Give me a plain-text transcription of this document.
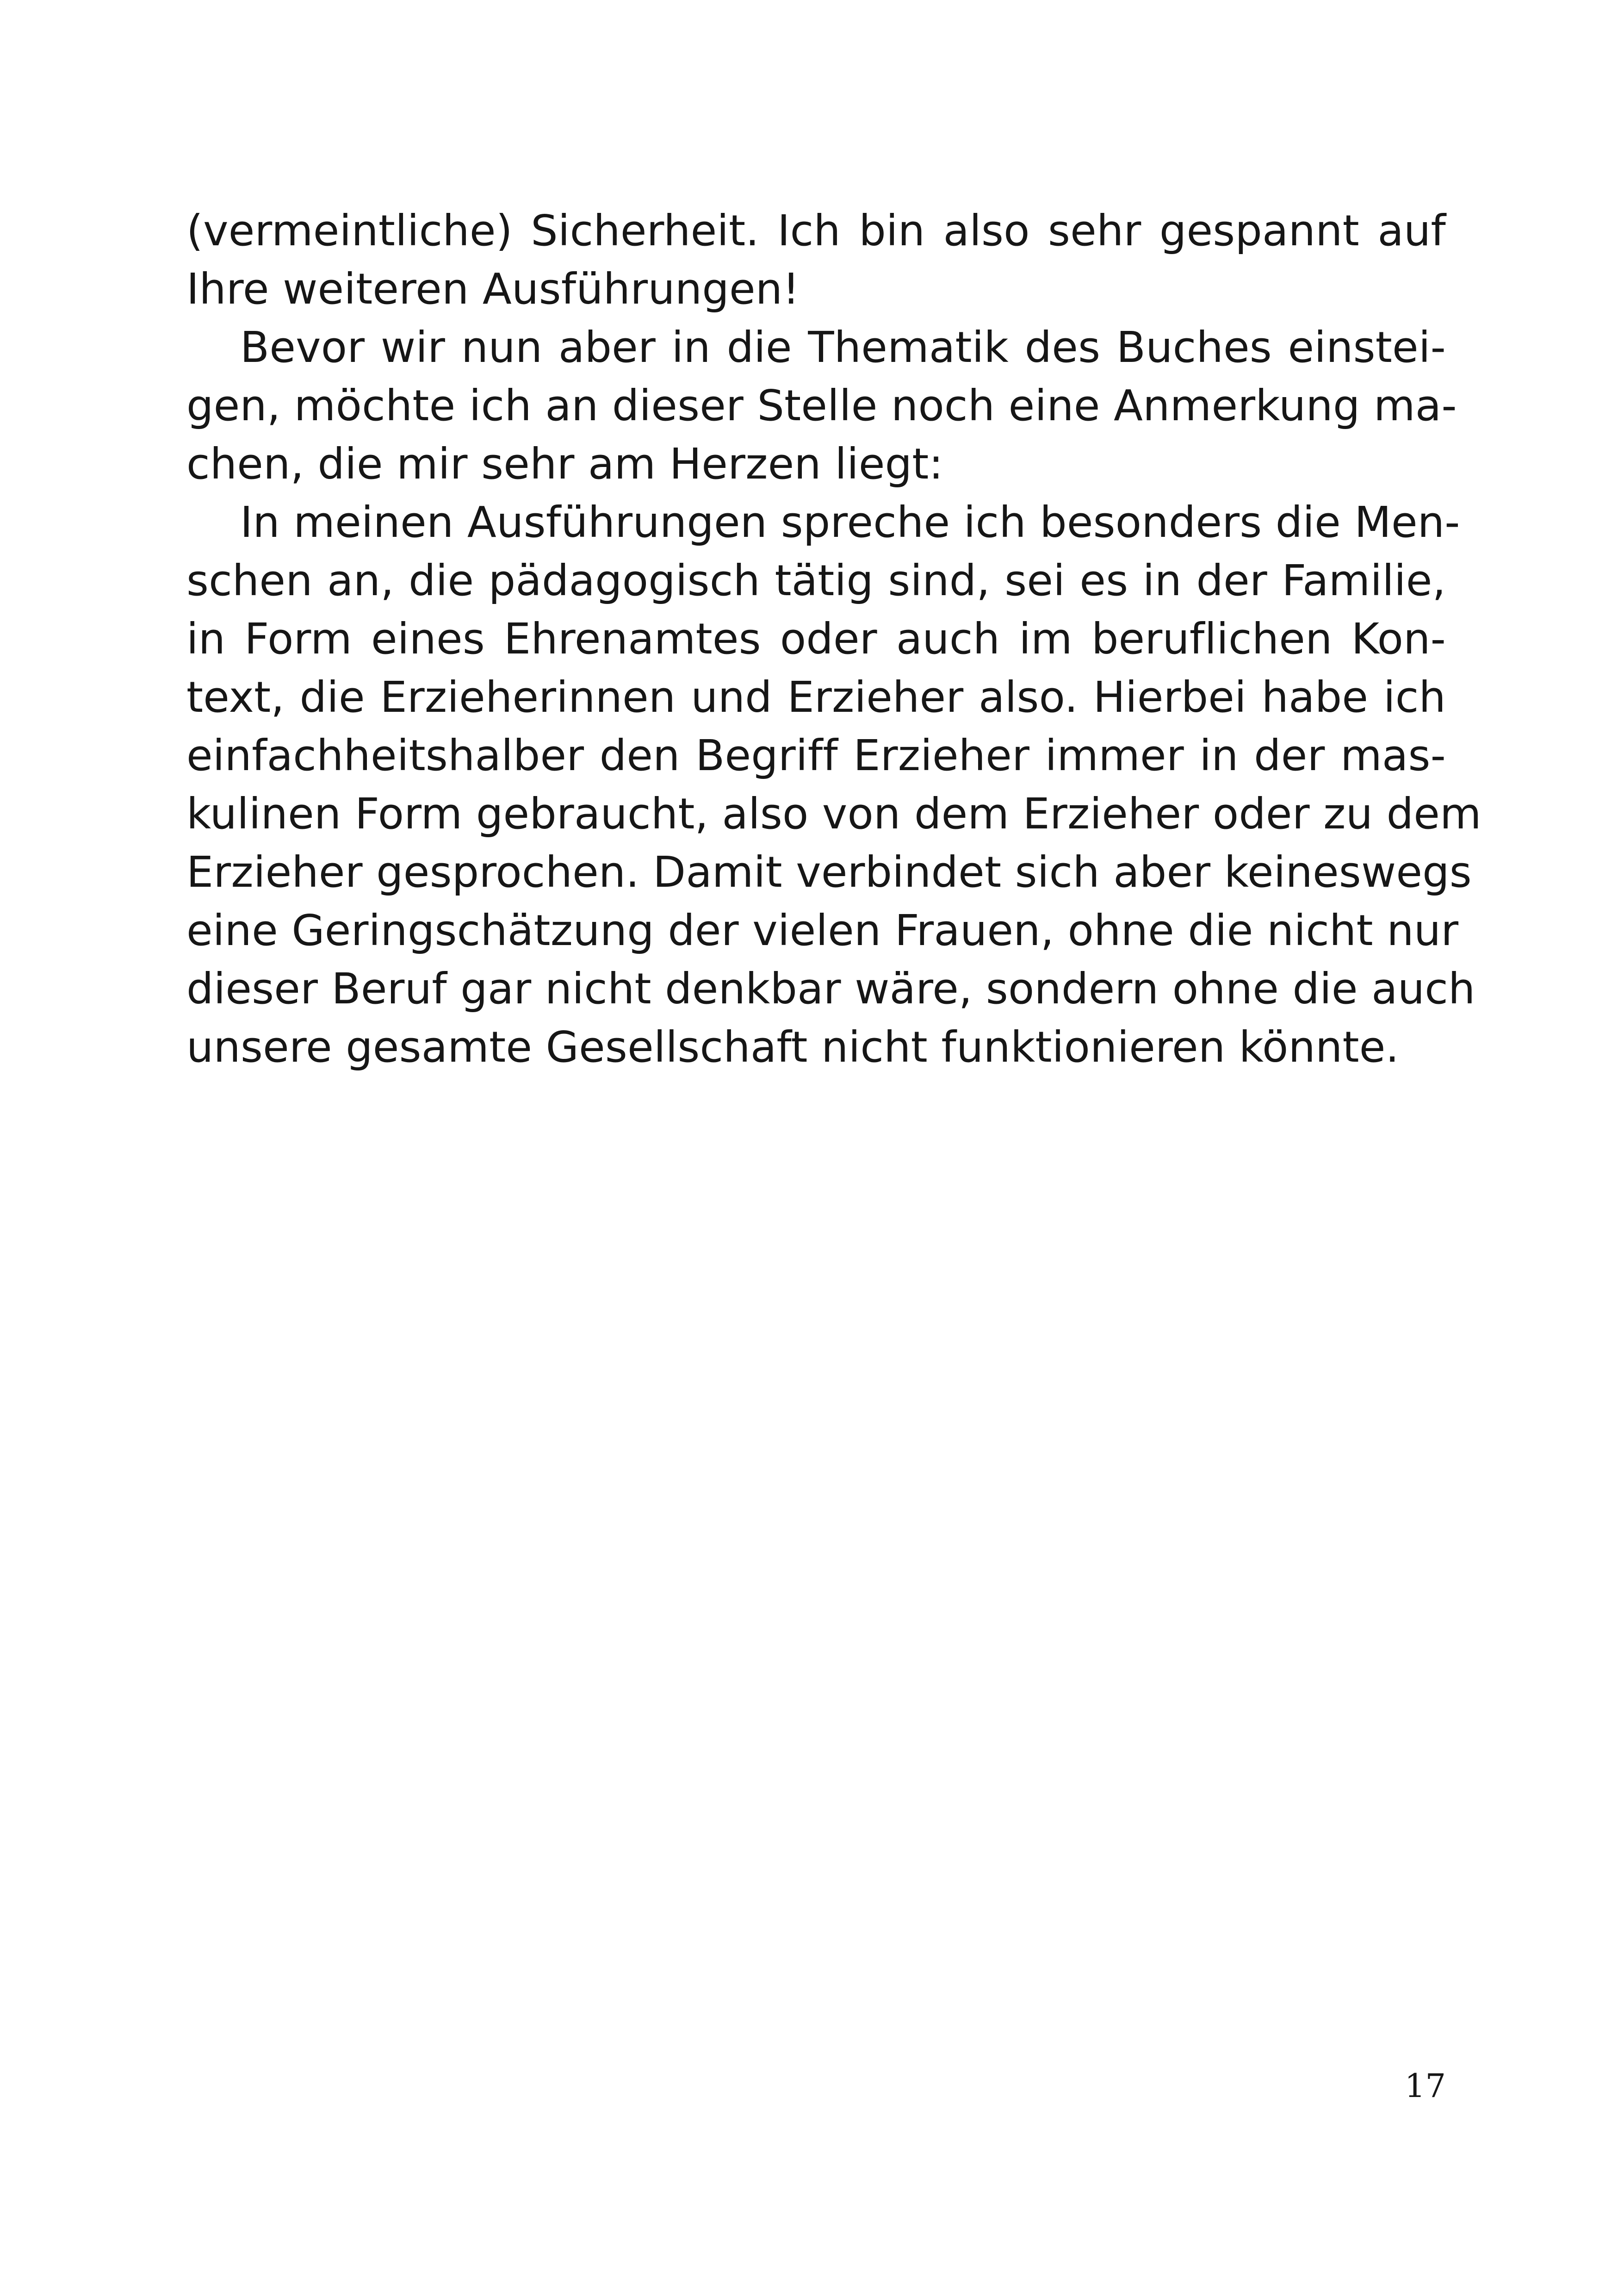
(vermeintliche) Sicherheit. Ich bin also sehr gespannt auf
Ihre weiteren Ausführungen!
Bevor wir nun aber in die Thematik des Buches einstei-
gen, möchte ich an dieser Stelle noch eine Anmerkung ma-
chen, die mir sehr am Herzen liegt:
In meinen Ausführungen spreche ich besonders die Men-
schen an, die pädagogisch tätig sind, sei es in der Familie,
in Form eines Ehrenamtes oder auch im beruflichen Kon-
text, die Erzieherinnen und Erzieher also. Hierbei habe ich
einfachheitshalber den Begriff Erzieher immer in der mas-
kulinen Form gebraucht, also von dem Erzieher oder zu dem
Erzieher gesprochen. Damit verbindet sich aber keineswegs
eine Geringschätzung der vielen Frauen, ohne die nicht nur
dieser Beruf gar nicht denkbar wäre, sondern ohne die auch
unsere gesamte Gesellschaft nicht funktionieren könnte.
17
